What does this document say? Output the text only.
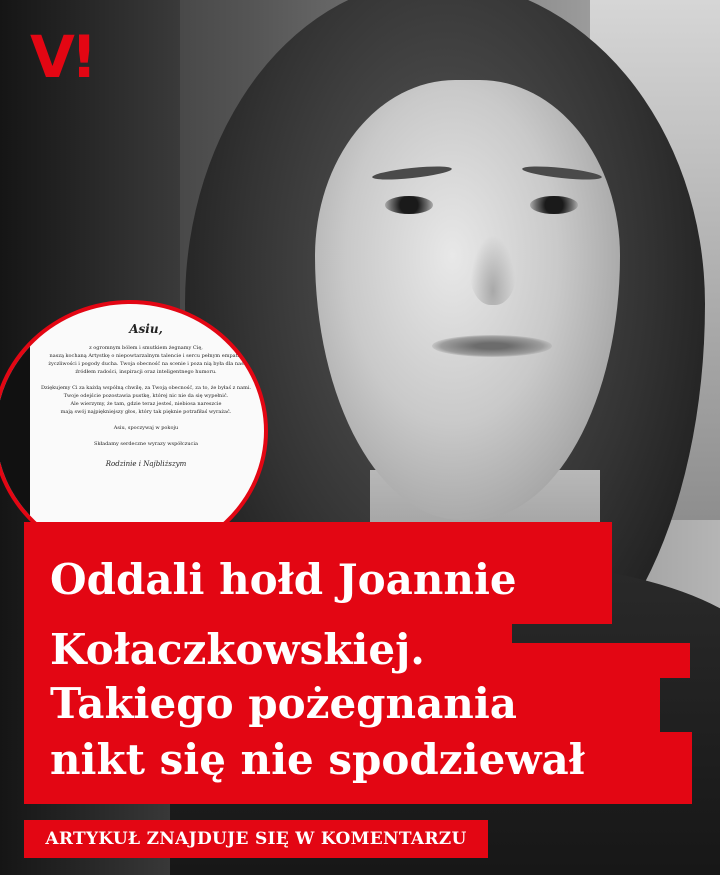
V!
Asiu,
z ogromnym bólem i smutkiem żegnamy Cię,
naszą kochaną Artystkę o niepowtarzalnym talencie i sercu pełnym empatii,
życzliwości i pogody ducha. Twoja obecność na scenie i poza nią była dla nas
źródłem radości, inspiracji oraz inteligentnego humoru.
Dziękujemy Ci za każdą wspólną chwilę, za Twoją obecność, za to, że byłaś z nami.
Twoje odejście pozostawia pustkę, której nic nie da się wypełnić.
Ale wierzymy, że tam, gdzie teraz jesteś, niebiosa nareszcie
mają swój najpiękniejszy głos, który tak pięknie potrafiłaś wyrażać.
Asiu, spoczywaj w pokoju
Składamy serdeczne wyrazy współczucia
Rodzinie i Najbliższym
Oddali hołd Joannie
Kołaczkowskiej.
Takiego pożegnania
nikt się nie spodziewał
ARTYKUŁ ZNAJDUJE SIĘ W KOMENTARZU
